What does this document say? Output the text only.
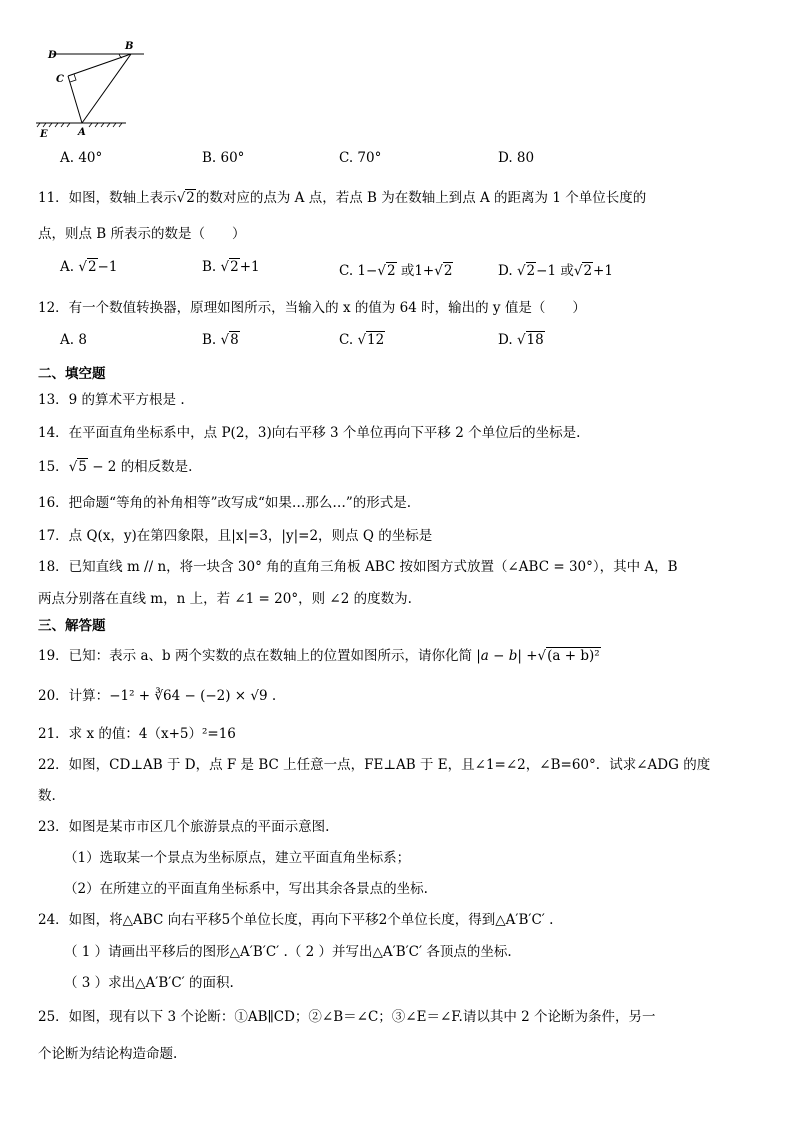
D
B
C
E	A
A. 40°	B. 60°	C. 70°	D. 80
11．如图，数轴上表示√2的数对应的点为 A 点，若点 B 为在数轴上到点 A 的距离为 1 个单位长度的
点，则点 B 所表示的数是（　　）
A. √2−1	B. √2+1	C. 1−√2 或1+√2	D. √2−1 或√2+1
12．有一个数值转换器，原理如图所示，当输入的 x 的值为 64 时，输出的 y 值是（　　）
A. 8	B. √8	C. √12	D. √18
二、填空题
13．9 的算术平方根是 .
14．在平面直角坐标系中，点 P(2，3)向右平移 3 个单位再向下平移 2 个单位后的坐标是.
15．√5 − 2 的相反数是.
16．把命题“等角的补角相等”改写成“如果…那么…”的形式是.
17．点 Q(x，y)在第四象限，且|x|=3，|y|=2，则点 Q 的坐标是
18．已知直线 m // n，将一块含 30° 角的直角三角板 ABC 按如图方式放置（∠ABC = 30°），其中 A，B
两点分别落在直线 m，n 上，若 ∠1 = 20°，则 ∠2 的度数为.
三、解答题
19．已知：表示 a、b 两个实数的点在数轴上的位置如图所示，请你化简 |a − b| +√(a + b)²
20．计算：−1² + ∛64 − (−2) × √9 .
21．求 x 的值：4（x+5）²=16
22．如图，CD⊥AB 于 D，点 F 是 BC 上任意一点，FE⊥AB 于 E，且∠1=∠2，∠B=60°．试求∠ADG 的度
数.
23．如图是某市市区几个旅游景点的平面示意图.
（1）选取某一个景点为坐标原点，建立平面直角坐标系；
（2）在所建立的平面直角坐标系中，写出其余各景点的坐标.
24．如图，将△ABC 向右平移5个单位长度，再向下平移2个单位长度，得到△A′B′C′ .
（ 1 ）请画出平移后的图形△A′B′C′ .（ 2 ）并写出△A′B′C′ 各顶点的坐标.
（ 3 ）求出△A′B′C′ 的面积.
25．如图，现有以下 3 个论断：①AB∥CD；②∠B＝∠C；③∠E＝∠F.请以其中 2 个论断为条件，另一
个论断为结论构造命题.
